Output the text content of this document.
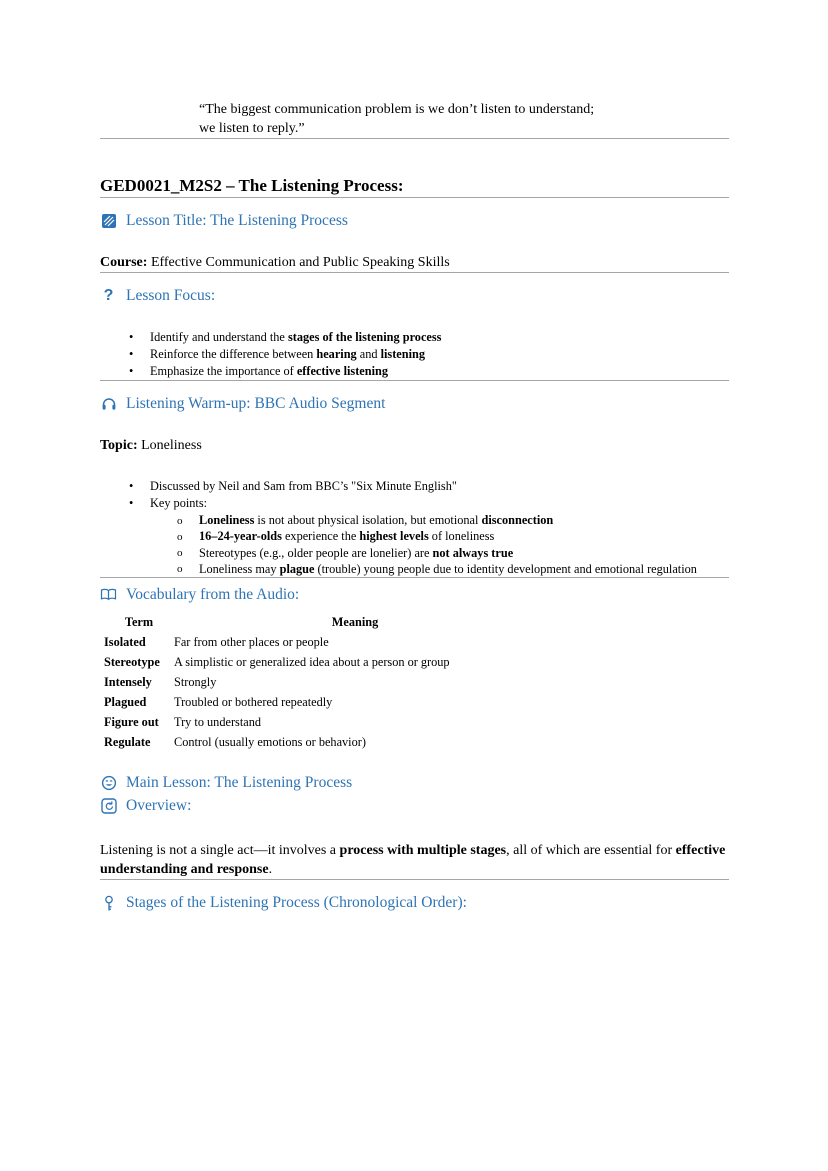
“The biggest communication problem is we don’t listen to understand;
we listen to reply.”
GED0021_M2S2 – The Listening Process:
Lesson Title: The Listening Process

Course: Effective Communication and Public Speaking Skills

? Lesson Focus:
• Identify and understand the stages of the listening process
• Reinforce the difference between hearing and listening
• Emphasize the importance of effective listening
Listening Warm-up: BBC Audio Segment

Topic: Loneliness

• Discussed by Neil and Sam from BBC’s "Six Minute English"
• Key points:
o Loneliness is not about physical isolation, but emotional disconnection
o 16–24-year-olds experience the highest levels of loneliness
o Stereotypes (e.g., older people are lonelier) are not always true
o Loneliness may plague (trouble) young people due to identity development and emotional regulation
Vocabulary from the Audio:
Term	Meaning
Isolated	Far from other places or people
Stereotype	A simplistic or generalized idea about a person or group
Intensely	Strongly
Plagued	Troubled or bothered repeatedly
Figure out	Try to understand
Regulate	Control (usually emotions or behavior)
Main Lesson: The Listening Process
Overview:

Listening is not a single act—it involves a process with multiple stages, all of which are essential for effective understanding and response.

Stages of the Listening Process (Chronological Order):
